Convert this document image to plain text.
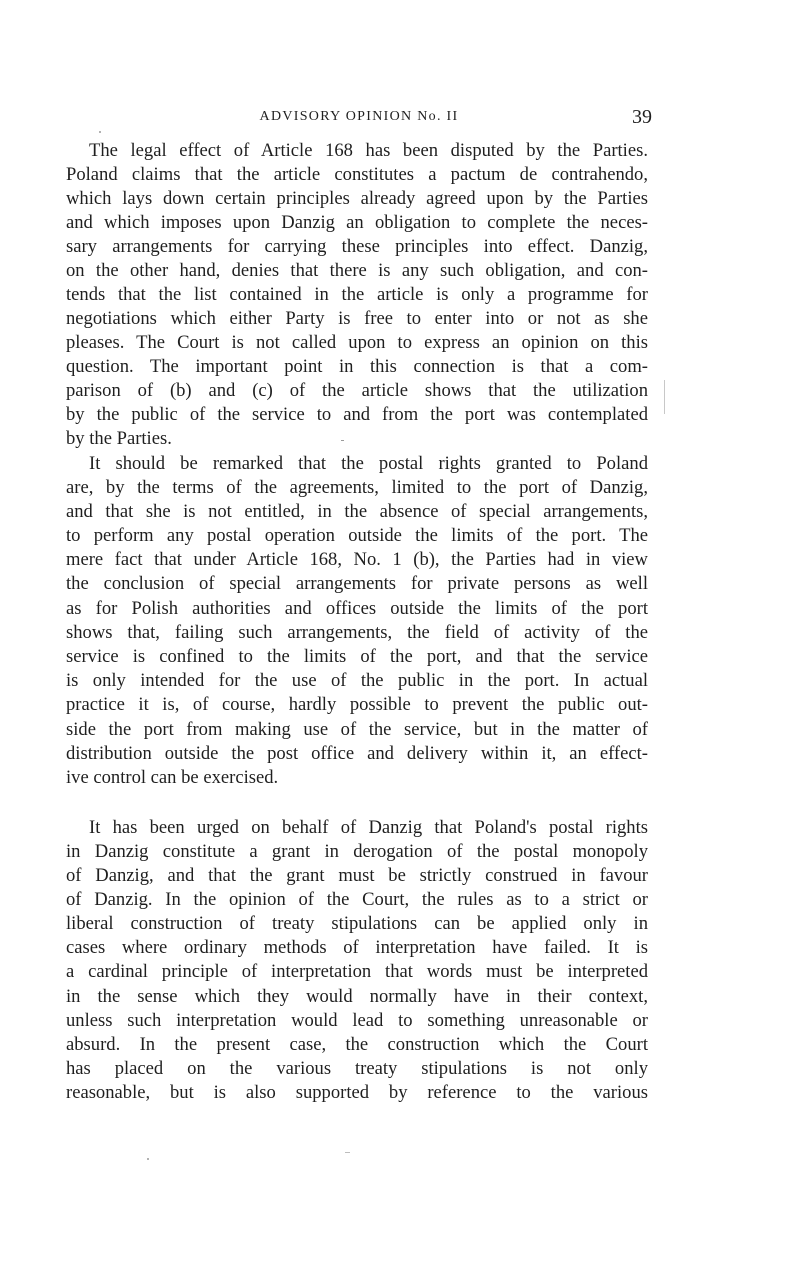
ADVISORY OPINION No. II	39
The legal effect of Article 168 has been disputed by the Parties.
Poland claims that the article constitutes a pactum de contrahendo,
which lays down certain principles already agreed upon by the Parties
and which imposes upon Danzig an obligation to complete the neces-
sary arrangements for carrying these principles into effect. Danzig,
on the other hand, denies that there is any such obligation, and con-
tends that the list contained in the article is only a programme for
negotiations which either Party is free to enter into or not as she
pleases. The Court is not called upon to express an opinion on this
question. The important point in this connection is that a com-
parison of (b) and (c) of the article shows that the utilization
by the public of the service to and from the port was contemplated
by the Parties.
It should be remarked that the postal rights granted to Poland
are, by the terms of the agreements, limited to the port of Danzig,
and that she is not entitled, in the absence of special arrangements,
to perform any postal operation outside the limits of the port. The
mere fact that under Article 168, No. 1 (b), the Parties had in view
the conclusion of special arrangements for private persons as well
as for Polish authorities and offices outside the limits of the port
shows that, failing such arrangements, the field of activity of the
service is confined to the limits of the port, and that the service
is only intended for the use of the public in the port. In actual
practice it is, of course, hardly possible to prevent the public out-
side the port from making use of the service, but in the matter of
distribution outside the post office and delivery within it, an effect-
ive control can be exercised.
It has been urged on behalf of Danzig that Poland's postal rights
in Danzig constitute a grant in derogation of the postal monopoly
of Danzig, and that the grant must be strictly construed in favour
of Danzig. In the opinion of the Court, the rules as to a strict or
liberal construction of treaty stipulations can be applied only in
cases where ordinary methods of interpretation have failed. It is
a cardinal principle of interpretation that words must be interpreted
in the sense which they would normally have in their context,
unless such interpretation would lead to something unreasonable or
absurd. In the present case, the construction which the Court
has placed on the various treaty stipulations is not only
reasonable, but is also supported by reference to the various
